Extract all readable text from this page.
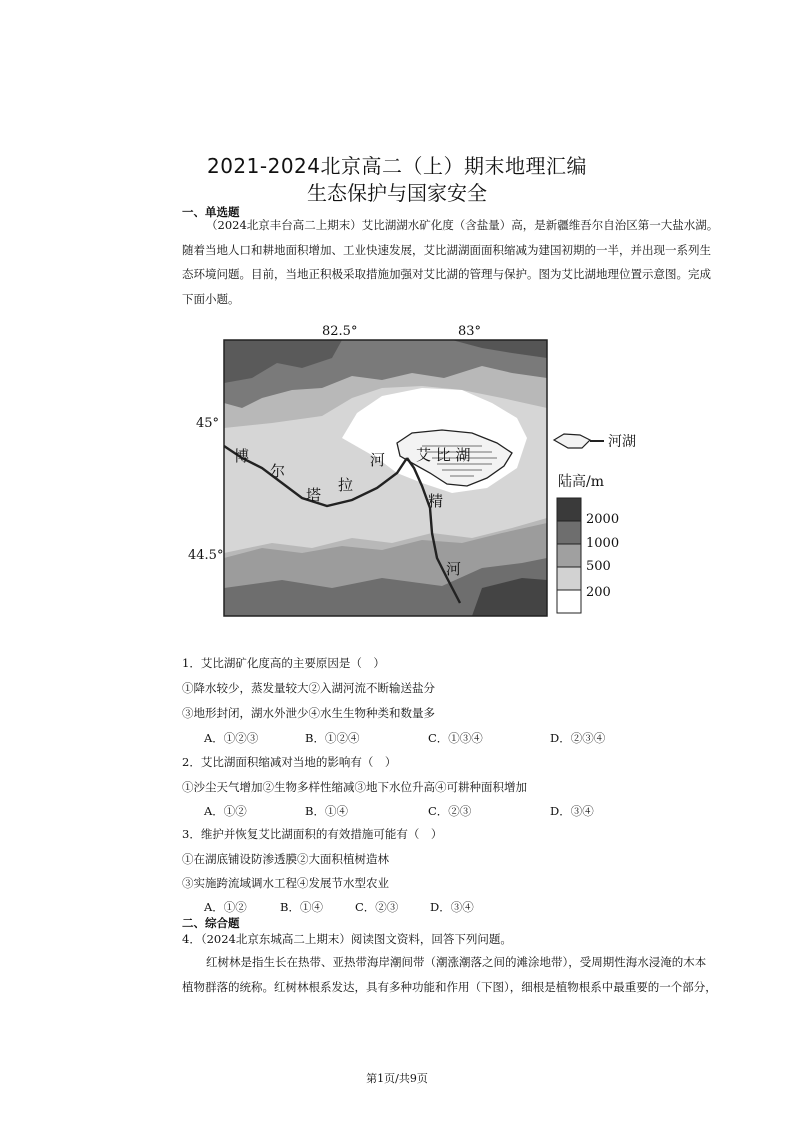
2021-2024北京高二（上）期末地理汇编
生态保护与国家安全
一、单选题
（2024北京丰台高二上期末）艾比湖湖水矿化度（含盐量）高，是新疆维吾尔自治区第一大盐水湖。
随着当地人口和耕地面积增加、工业快速发展，艾比湖湖面面积缩减为建国初期的一半，并出现一系列生
态环境问题。目前，当地正积极采取措施加强对艾比湖的管理与保护。图为艾比湖地理位置示意图。完成
下面小题。
艾 比 湖
博
尔
塔
拉
河
精
河
82.5°	83°
45°
44.5°
河湖
陆高/m
2000
1000
500
200
1．艾比湖矿化度高的主要原因是（　）
①降水较少，蒸发量较大②入湖河流不断输送盐分
③地形封闭，湖水外泄少④水生生物种类和数量多
A．①②③	B．①②④	C．①③④	D．②③④
2．艾比湖面积缩减对当地的影响有（　）
①沙尘天气增加②生物多样性缩减③地下水位升高④可耕种面积增加
A．①②	B．①④	C．②③	D．③④
3．维护并恢复艾比湖面积的有效措施可能有（　）
①在湖底铺设防渗透膜②大面积植树造林
③实施跨流域调水工程④发展节水型农业
A．①②	B．①④	C．②③	D．③④
二、综合题
4．（2024北京东城高二上期末）阅读图文资料，回答下列问题。
红树林是指生长在热带、亚热带海岸潮间带（潮涨潮落之间的滩涂地带），受周期性海水浸淹的木本
植物群落的统称。红树林根系发达，具有多种功能和作用（下图），细根是植物根系中最重要的一个部分，
第1页/共9页
